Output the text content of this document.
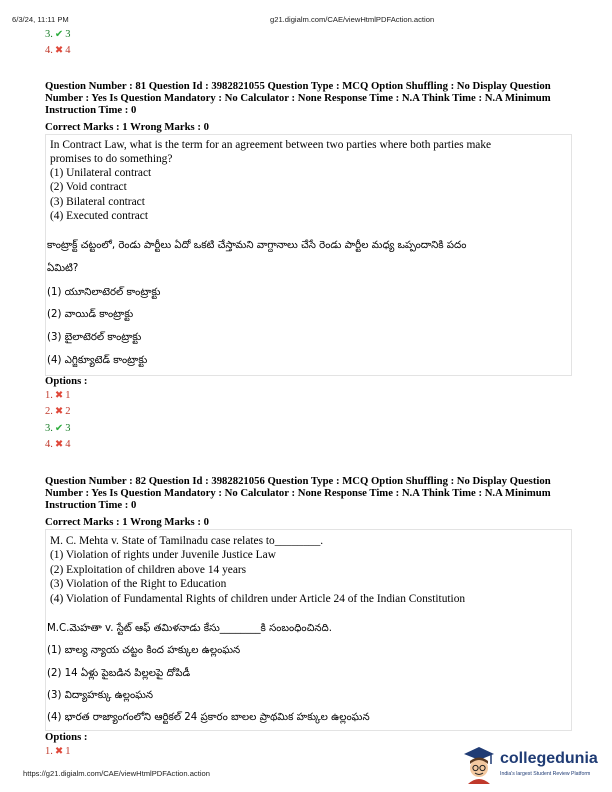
6/3/24, 11:11 PM	g21.digialm.com/CAE/viewHtmlPDFAction.action
3. ✔ 3
4. ✖ 4
Question Number : 81 Question Id : 3982821055 Question Type : MCQ Option Shuffling : No Display Question Number : Yes Is Question Mandatory : No Calculator : None Response Time : N.A Think Time : N.A Minimum Instruction Time : 0
Correct Marks : 1 Wrong Marks : 0
In Contract Law, what is the term for an agreement between two parties where both parties make
promises to do something?
(1) Unilateral contract
(2) Void contract
(3) Bilateral contract
(4) Executed contract
కాంట్రాక్ట్ చట్టంలో, రెండు పార్టీలు ఏదో ఒకటి చేస్తామని వాగ్దానాలు చేసే రెండు పార్టీల మధ్య ఒప్పందానికి పదం
ఏమిటి?
(1) యూనిలాటెరల్ కాంట్రాక్టు
(2) వాయిడ్ కాంట్రాక్టు
(3) బైలాటెరల్ కాంట్రాక్టు
(4) ఎగ్జిక్యూటెడ్ కాంట్రాక్టు
Options :
1. ✖ 1
2. ✖ 2
3. ✔ 3
4. ✖ 4
Question Number : 82 Question Id : 3982821056 Question Type : MCQ Option Shuffling : No Display Question Number : Yes Is Question Mandatory : No Calculator : None Response Time : N.A Think Time : N.A Minimum Instruction Time : 0
Correct Marks : 1 Wrong Marks : 0
M. C. Mehta v. State of Tamilnadu case relates to________.
(1) Violation of rights under Juvenile Justice Law
(2) Exploitation of children above 14 years
(3) Violation of the Right to Education
(4) Violation of Fundamental Rights of children under Article 24 of the Indian Constitution
M.C.మెహతా v. స్టేట్ ఆఫ్ తమిళనాడు కేసు________కి సంబంధించినది.
(1) బాల్య న్యాయ చట్టం కింద హక్కుల ఉల్లంఘన
(2) 14 ఏళ్లు పైబడిన పిల్లలపై దోపిడీ
(3) విద్యాహక్కు ఉల్లంఘన
(4) భారత రాజ్యాంగంలోని ఆర్టికల్ 24 ప్రకారం బాలల ప్రాథమిక హక్కుల ఉల్లంఘన
Options :
1. ✖ 1
https://g21.digialm.com/CAE/viewHtmlPDFAction.action
collegedunia
India's largest Student Review Platform
